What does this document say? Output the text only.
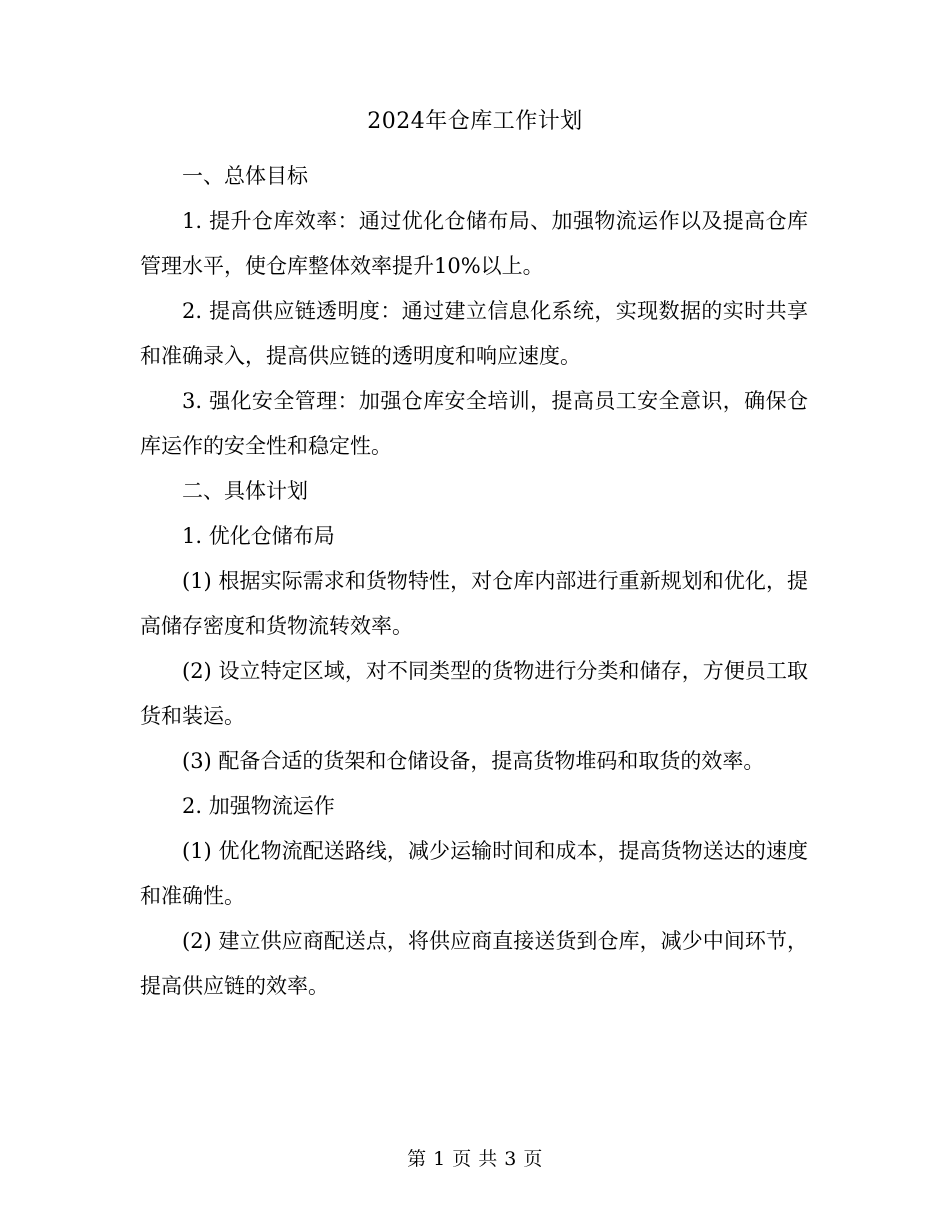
2024年仓库工作计划

一、总体目标

1. 提升仓库效率：通过优化仓储布局、加强物流运作以及提高仓库管理水平，使仓库整体效率提升10%以上。

2. 提高供应链透明度：通过建立信息化系统，实现数据的实时共享和准确录入，提高供应链的透明度和响应速度。

3. 强化安全管理：加强仓库安全培训，提高员工安全意识，确保仓库运作的安全性和稳定性。

二、具体计划

1. 优化仓储布局

(1) 根据实际需求和货物特性，对仓库内部进行重新规划和优化，提高储存密度和货物流转效率。

(2) 设立特定区域，对不同类型的货物进行分类和储存，方便员工取货和装运。

(3) 配备合适的货架和仓储设备，提高货物堆码和取货的效率。

2. 加强物流运作

(1) 优化物流配送路线，减少运输时间和成本，提高货物送达的速度和准确性。

(2) 建立供应商配送点，将供应商直接送货到仓库，减少中间环节，提高供应链的效率。

第 1 页 共 3 页
